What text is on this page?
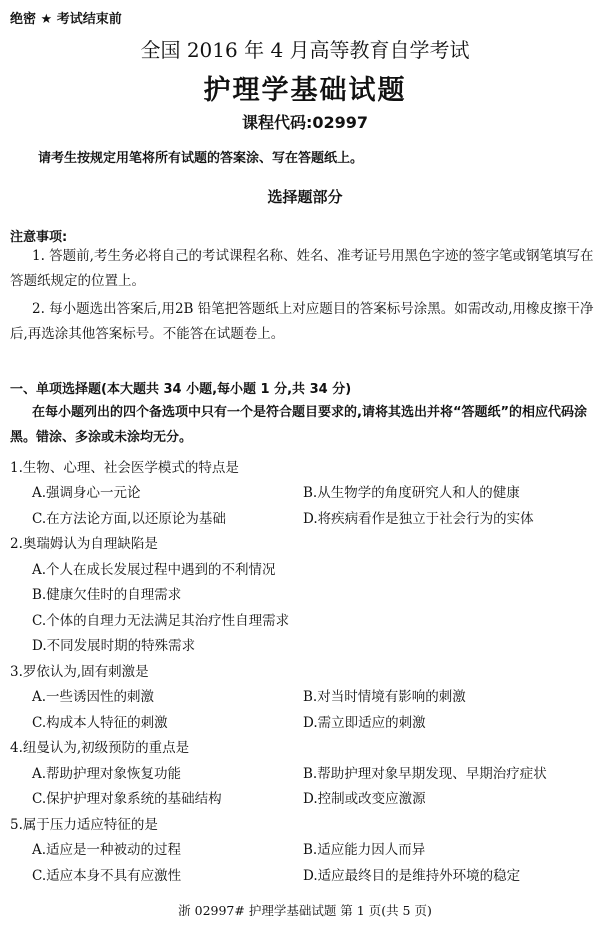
绝密 ★ 考试结束前
全国 2016 年 4 月高等教育自学考试
护理学基础试题
课程代码:02997
请考生按规定用笔将所有试题的答案涂、写在答题纸上。
选择题部分
注意事项:
1. 答题前,考生务必将自己的考试课程名称、姓名、准考证号用黑色字迹的签字笔或钢笔填写在答题纸规定的位置上。
2. 每小题选出答案后,用2B 铅笔把答题纸上对应题目的答案标号涂黑。如需改动,用橡皮擦干净后,再选涂其他答案标号。不能答在试题卷上。
一、单项选择题(本大题共 34 小题,每小题 1 分,共 34 分)
在每小题列出的四个备选项中只有一个是符合题目要求的,请将其选出并将“答题纸”的相应代码涂黑。错涂、多涂或未涂均无分。
1.生物、心理、社会医学模式的特点是
A.强调身心一元论	B.从生物学的角度研究人和人的健康
C.在方法论方面,以还原论为基础	D.将疾病看作是独立于社会行为的实体
2.奥瑞姆认为自理缺陷是
A.个人在成长发展过程中遇到的不利情况
B.健康欠佳时的自理需求
C.个体的自理力无法满足其治疗性自理需求
D.不同发展时期的特殊需求
3.罗依认为,固有刺激是
A.一些诱因性的刺激	B.对当时情境有影响的刺激
C.构成本人特征的刺激	D.需立即适应的刺激
4.纽曼认为,初级预防的重点是
A.帮助护理对象恢复功能	B.帮助护理对象早期发现、早期治疗症状
C.保护护理对象系统的基础结构	D.控制或改变应激源
5.属于压力适应特征的是
A.适应是一种被动的过程	B.适应能力因人而异
C.适应本身不具有应激性	D.适应最终目的是维持外环境的稳定
浙 02997# 护理学基础试题 第 1 页(共 5 页)
